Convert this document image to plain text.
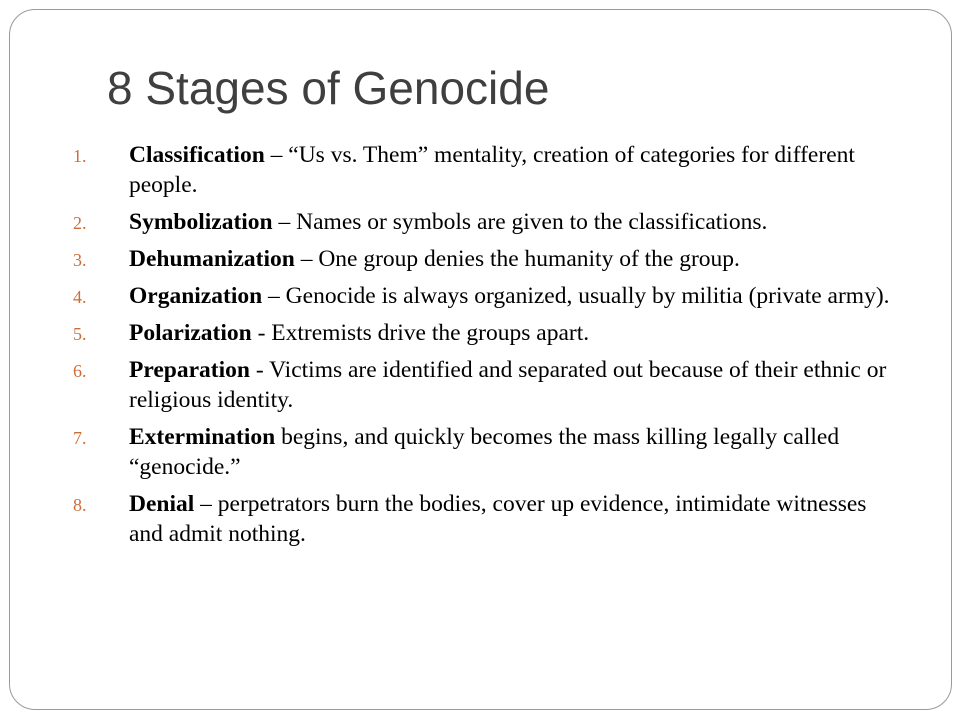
8 Stages of Genocide
1. Classification – “Us vs. Them” mentality, creation of categories for different people.
2. Symbolization – Names or symbols are given to the classifications.
3. Dehumanization – One group denies the humanity of the group.
4. Organization – Genocide is always organized, usually by militia (private army).
5. Polarization - Extremists drive the groups apart.
6. Preparation - Victims are identified and separated out because of their ethnic or religious identity.
7. Extermination begins, and quickly becomes the mass killing legally called “genocide.”
8. Denial – perpetrators burn the bodies, cover up evidence, intimidate witnesses and admit nothing.
